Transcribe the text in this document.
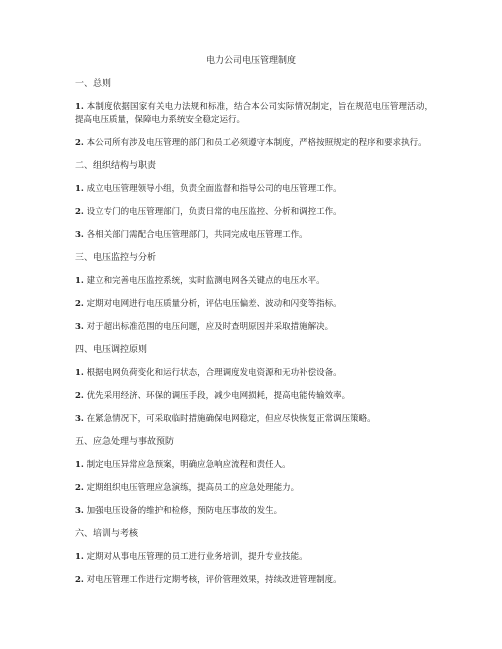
电力公司电压管理制度
一、总则
1. 本制度依据国家有关电力法规和标准，结合本公司实际情况制定，旨在规范电压管理活动，提高电压质量，保障电力系统安全稳定运行。
2. 本公司所有涉及电压管理的部门和员工必须遵守本制度，严格按照规定的程序和要求执行。
二、组织结构与职责
1. 成立电压管理领导小组，负责全面监督和指导公司的电压管理工作。
2. 设立专门的电压管理部门，负责日常的电压监控、分析和调控工作。
3. 各相关部门需配合电压管理部门，共同完成电压管理工作。
三、电压监控与分析
1. 建立和完善电压监控系统，实时监测电网各关键点的电压水平。
2. 定期对电网进行电压质量分析，评估电压偏差、波动和闪变等指标。
3. 对于超出标准范围的电压问题，应及时查明原因并采取措施解决。
四、电压调控原则
1. 根据电网负荷变化和运行状态，合理调度发电资源和无功补偿设备。
2. 优先采用经济、环保的调压手段，减少电网损耗，提高电能传输效率。
3. 在紧急情况下，可采取临时措施确保电网稳定，但应尽快恢复正常调压策略。
五、应急处理与事故预防
1. 制定电压异常应急预案，明确应急响应流程和责任人。
2. 定期组织电压管理应急演练，提高员工的应急处理能力。
3. 加强电压设备的维护和检修，预防电压事故的发生。
六、培训与考核
1. 定期对从事电压管理的员工进行业务培训，提升专业技能。
2. 对电压管理工作进行定期考核，评价管理效果，持续改进管理制度。
